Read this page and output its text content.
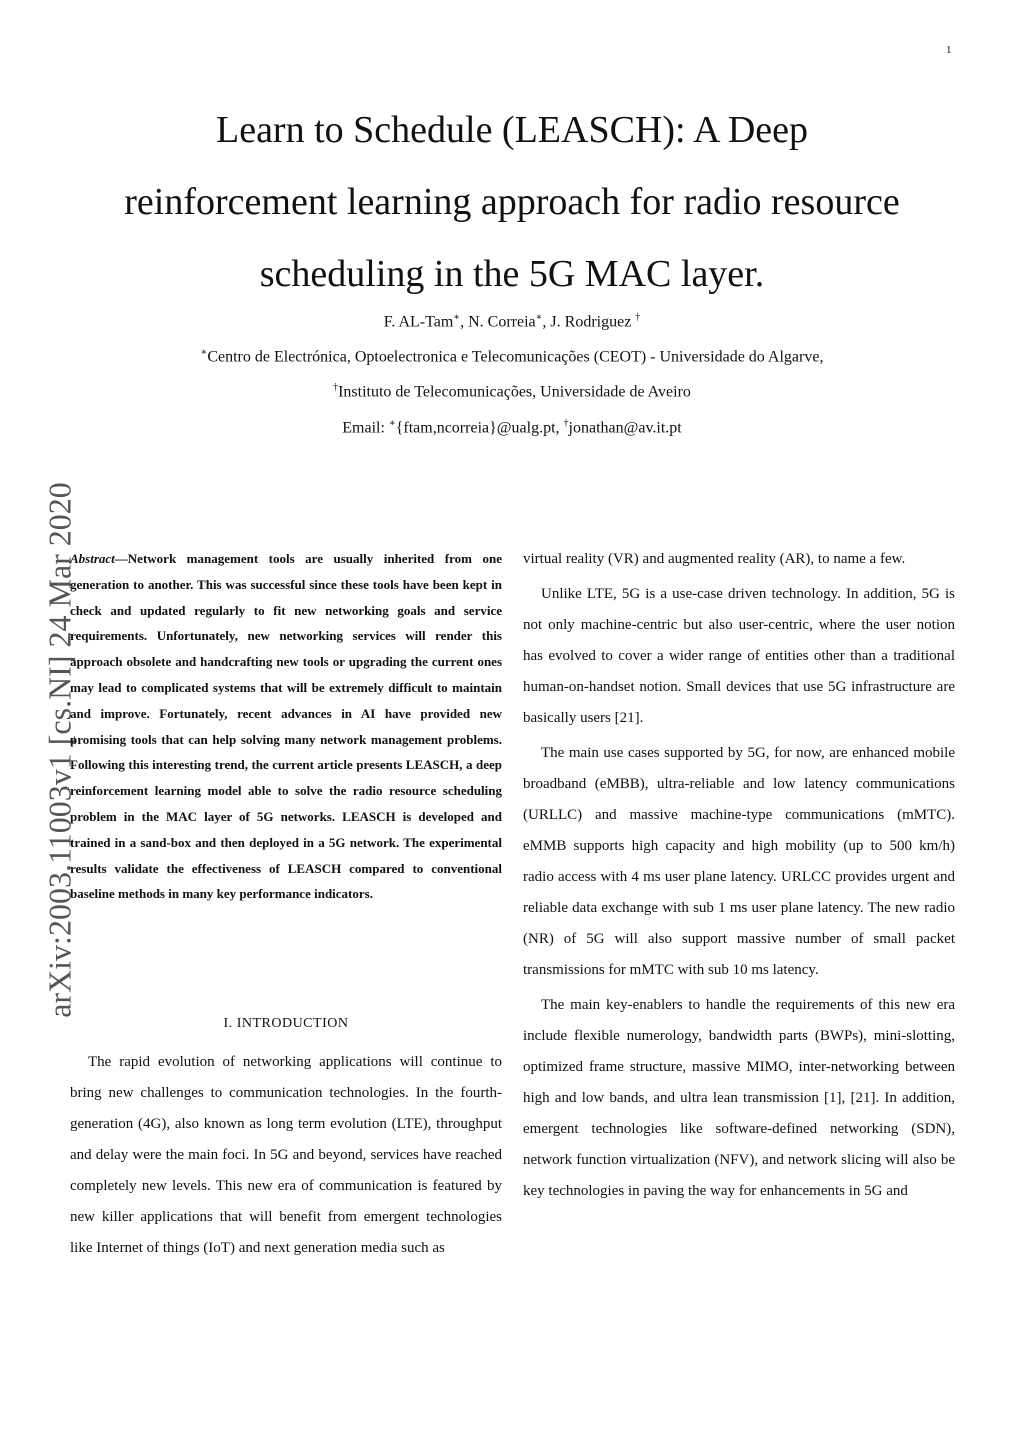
1
Learn to Schedule (LEASCH): A Deep
reinforcement learning approach for radio resource
scheduling in the 5G MAC layer.
F. AL-Tam∗, N. Correia∗, J. Rodriguez †
∗Centro de Electrónica, Optoelectronica e Telecomunicações (CEOT) - Universidade do Algarve,
†Instituto de Telecomunicações, Universidade de Aveiro
Email: ∗{ftam,ncorreia}@ualg.pt, †jonathan@av.it.pt
arXiv:2003.11003v1 [cs.NI] 24 Mar 2020

Abstract—Network management tools are usually inherited from one generation to another. This was successful since these tools have been kept in check and updated regularly to fit new networking goals and service requirements. Unfortunately, new networking services will render this approach obsolete and handcrafting new tools or upgrading the current ones may lead to complicated systems that will be extremely difficult to maintain and improve. Fortunately, recent advances in AI have provided new promising tools that can help solving many network management problems. Following this interesting trend, the current article presents LEASCH, a deep reinforcement learning model able to solve the radio resource scheduling problem in the MAC layer of 5G networks. LEASCH is developed and trained in a sand-box and then deployed in a 5G network. The experimental results validate the effectiveness of LEASCH compared to conventional baseline methods in many key performance indicators.

I. INTRODUCTION

The rapid evolution of networking applications will continue to bring new challenges to communication technologies. In the fourth-generation (4G), also known as long term evolution (LTE), throughput and delay were the main foci. In 5G and beyond, services have reached completely new levels. This new era of communication is featured by new killer applications that will benefit from emergent technologies like Internet of things (IoT) and next generation media such as

virtual reality (VR) and augmented reality (AR), to name a few.

Unlike LTE, 5G is a use-case driven technology. In addition, 5G is not only machine-centric but also user-centric, where the user notion has evolved to cover a wider range of entities other than a traditional human-on-handset notion. Small devices that use 5G infrastructure are basically users [21].

The main use cases supported by 5G, for now, are enhanced mobile broadband (eMBB), ultra-reliable and low latency communications (URLLC) and massive machine-type communications (mMTC). eMMB supports high capacity and high mobility (up to 500 km/h) radio access with 4 ms user plane latency. URLCC provides urgent and reliable data exchange with sub 1 ms user plane latency. The new radio (NR) of 5G will also support massive number of small packet transmissions for mMTC with sub 10 ms latency.

The main key-enablers to handle the requirements of this new era include flexible numerology, bandwidth parts (BWPs), mini-slotting, optimized frame structure, massive MIMO, inter-networking between high and low bands, and ultra lean transmission [1], [21]. In addition, emergent technologies like software-defined networking (SDN), network function virtualization (NFV), and network slicing will also be key technologies in paving the way for enhancements in 5G and
